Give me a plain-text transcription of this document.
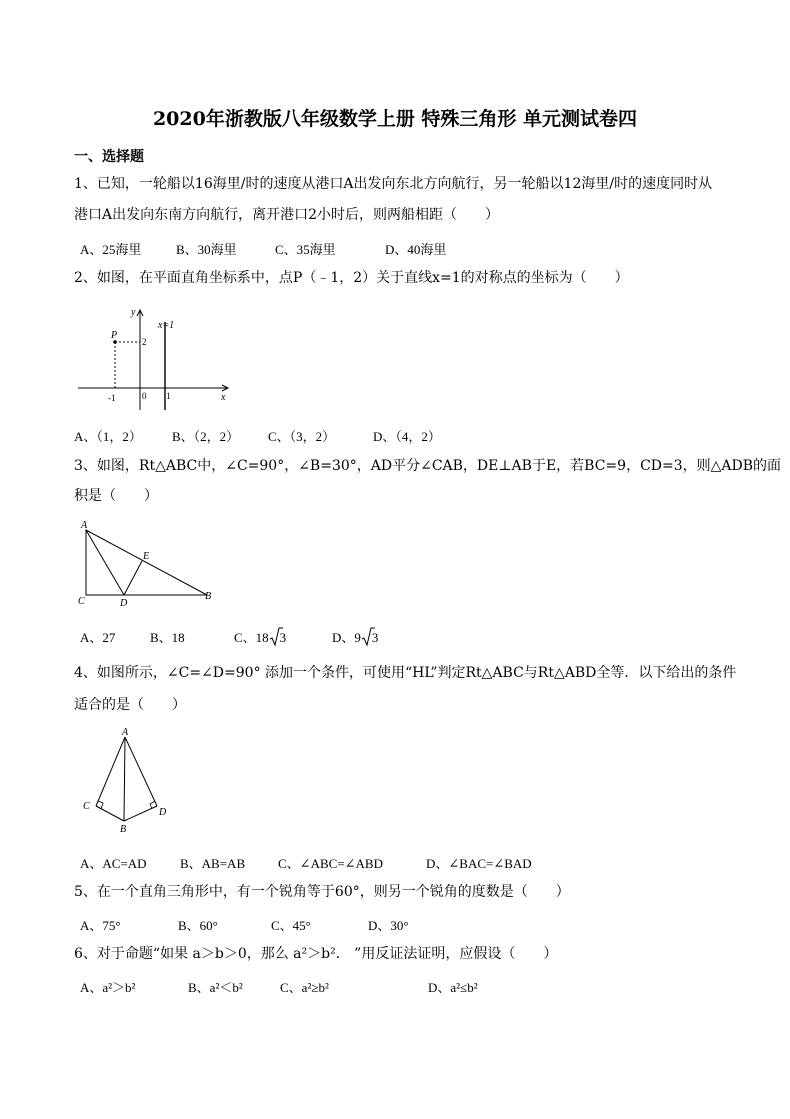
2020年浙教版八年级数学上册 特殊三角形 单元测试卷四
一、选择题
1、已知，一轮船以16海里/时的速度从港口A出发向东北方向航行，另一轮船以12海里/时的速度同时从
港口A出发向东南方向航行，离开港口2小时后，则两船相距（　　）
A、25海里	B、30海里	C、35海里	D、40海里
2、如图，在平面直角坐标系中，点P（﹣1，2）关于直线x=1的对称点的坐标为（　　）
y
x
x=1
P
2
-1	0 1
A、（1，2） B、（2，2） C、（3，2）	D、（4，2）
3、如图，Rt△ABC中，∠C=90°，∠B=30°，AD平分∠CAB，DE⊥AB于E，若BC=9，CD=3，则△ADB的面
积是（　　）
A
C	D
E
B
A、27	B、18	C、18 3	D、9 3
4、如图所示，∠C=∠D=90° 添加一个条件，可使用“HL”判定Rt△ABC与Rt△ABD全等．以下给出的条件
适合的是（　　）
A
C
D
B
A、AC=AD	B、AB=AB	C、∠ABC=∠ABD	D、∠BAC=∠BAD
5、在一个直角三角形中，有一个锐角等于60°，则另一个锐角的度数是（　　）
A、75°	B、60°	C、45°	D、30°
6、对于命题“如果 a＞b＞0，那么 a²＞b²． ”用反证法证明，应假设（　　）
A、a²＞b²	B、a²＜b²	C、a²≥b²	D、a²≤b²
